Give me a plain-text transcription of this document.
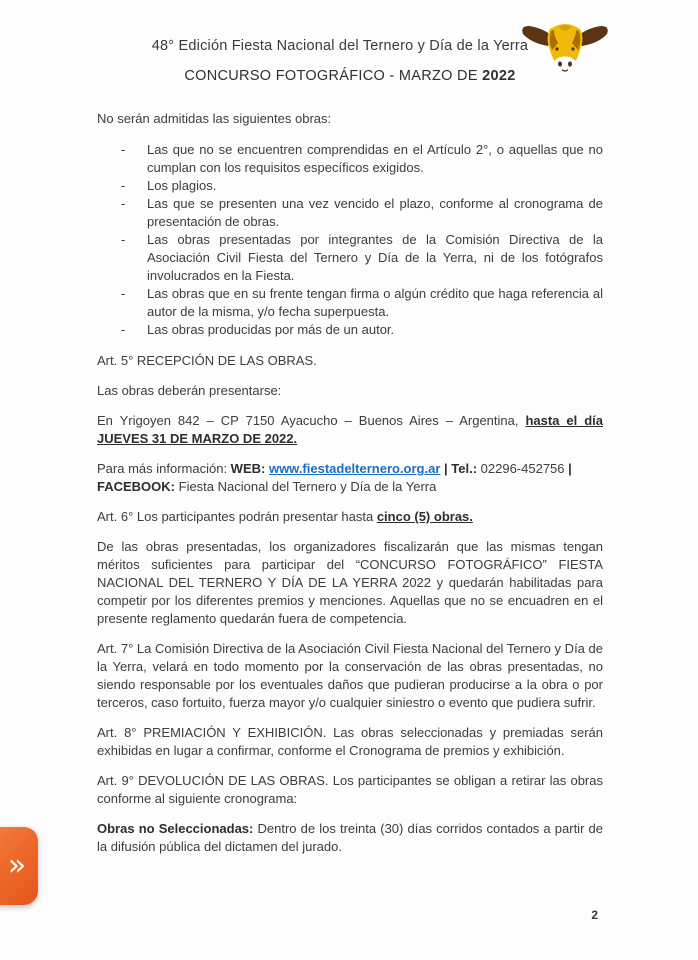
48° Edición Fiesta Nacional del Ternero y Día de la Yerra
CONCURSO FOTOGRÁFICO - MARZO DE 2022

No serán admitidas las siguientes obras:

-	Las que no se encuentren comprendidas en el Artículo 2°, o aquellas que no cumplan con los requisitos específicos exigidos.
-	Los plagios.
-	Las que se presenten una vez vencido el plazo, conforme al cronograma de presentación de obras.
-	Las obras presentadas por integrantes de la Comisión Directiva de la Asociación Civil Fiesta del Ternero y Día de la Yerra, ni de los fotógrafos involucrados en la Fiesta.
-	Las obras que en su frente tengan firma o algún crédito que haga referencia al autor de la misma, y/o fecha superpuesta.
-	Las obras producidas por más de un autor.

Art. 5° RECEPCIÓN DE LAS OBRAS.

Las obras deberán presentarse:

En Yrigoyen 842 – CP 7150 Ayacucho – Buenos Aires – Argentina, hasta el día JUEVES 31 DE MARZO DE 2022.

Para más información: WEB: www.fiestadelternero.org.ar | Tel.: 02296-452756 |
FACEBOOK: Fiesta Nacional del Ternero y Día de la Yerra

Art. 6° Los participantes podrán presentar hasta cinco (5) obras.

De las obras presentadas, los organizadores fiscalizarán que las mismas tengan méritos suficientes para participar del “CONCURSO FOTOGRÁFICO” FIESTA NACIONAL DEL TERNERO Y DÍA DE LA YERRA 2022 y quedarán habilitadas para competir por los diferentes premios y menciones. Aquellas que no se encuadren en el presente reglamento quedarán fuera de competencia.

Art. 7° La Comisión Directiva de la Asociación Civil Fiesta Nacional del Ternero y Día de la Yerra, velará en todo momento por la conservación de las obras presentadas, no siendo responsable por los eventuales daños que pudieran producirse a la obra o por terceros, caso fortuito, fuerza mayor y/o cualquier siniestro o evento que pudiera sufrir.

Art. 8° PREMIACIÓN Y EXHIBICIÓN. Las obras seleccionadas y premiadas serán exhibidas en lugar a confirmar, conforme el Cronograma de premios y exhibición.

Art. 9° DEVOLUCIÓN DE LAS OBRAS. Los participantes se obligan a retirar las obras conforme al siguiente cronograma:

Obras no Seleccionadas: Dentro de los treinta (30) días corridos contados a partir de la difusión pública del dictamen del jurado.

»
2
